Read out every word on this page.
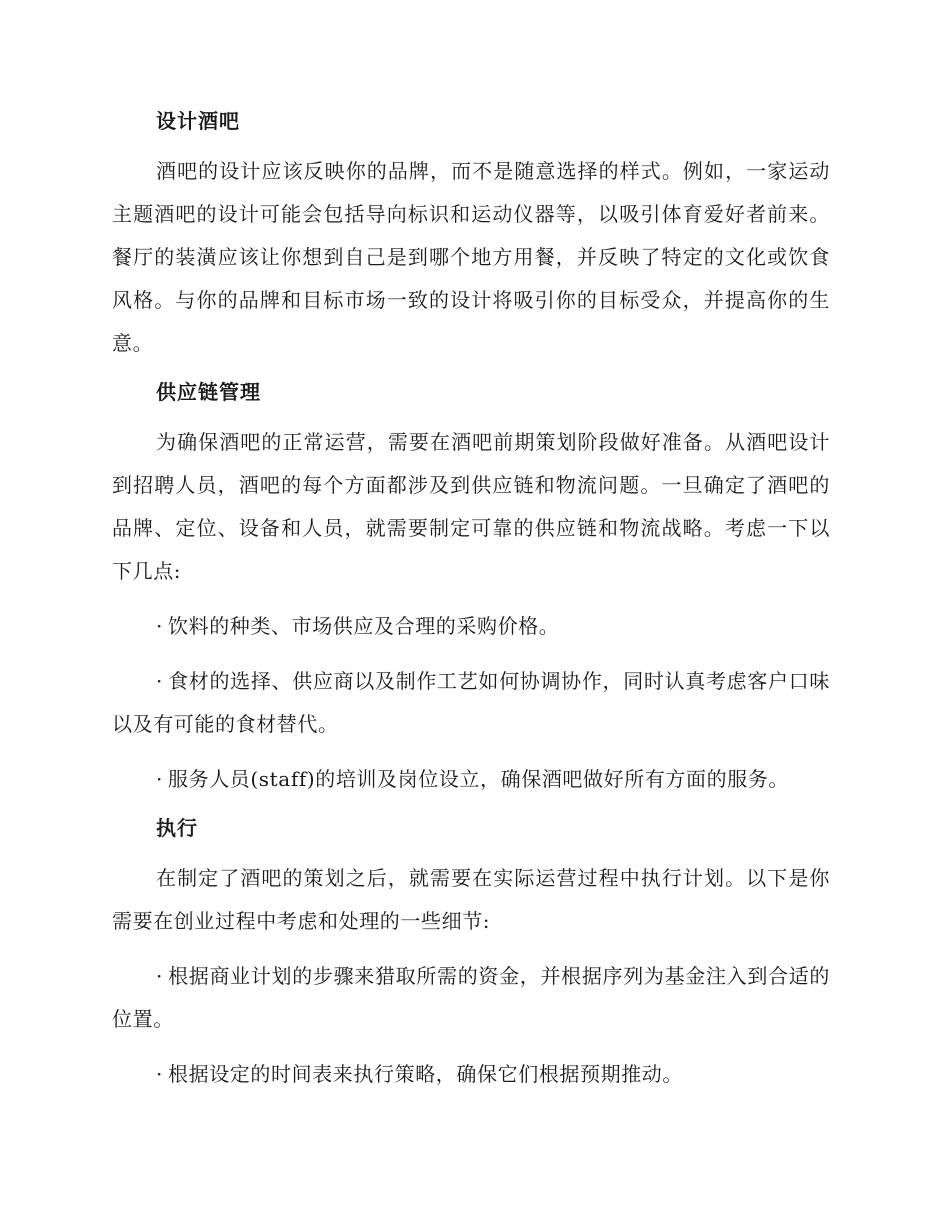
设计酒吧

酒吧的设计应该反映你的品牌，而不是随意选择的样式。例如，一家运动主题酒吧的设计可能会包括导向标识和运动仪器等，以吸引体育爱好者前来。餐厅的装潢应该让你想到自己是到哪个地方用餐，并反映了特定的文化或饮食风格。与你的品牌和目标市场一致的设计将吸引你的目标受众，并提高你的生意。

供应链管理

为确保酒吧的正常运营，需要在酒吧前期策划阶段做好准备。从酒吧设计到招聘人员，酒吧的每个方面都涉及到供应链和物流问题。一旦确定了酒吧的品牌、定位、设备和人员，就需要制定可靠的供应链和物流战略。考虑一下以下几点:

· 饮料的种类、市场供应及合理的采购价格。

· 食材的选择、供应商以及制作工艺如何协调协作，同时认真考虑客户口味以及有可能的食材替代。

· 服务人员(staff)的培训及岗位设立，确保酒吧做好所有方面的服务。

执行

在制定了酒吧的策划之后，就需要在实际运营过程中执行计划。以下是你需要在创业过程中考虑和处理的一些细节:

· 根据商业计划的步骤来猎取所需的资金，并根据序列为基金注入到合适的位置。

· 根据设定的时间表来执行策略，确保它们根据预期推动。
